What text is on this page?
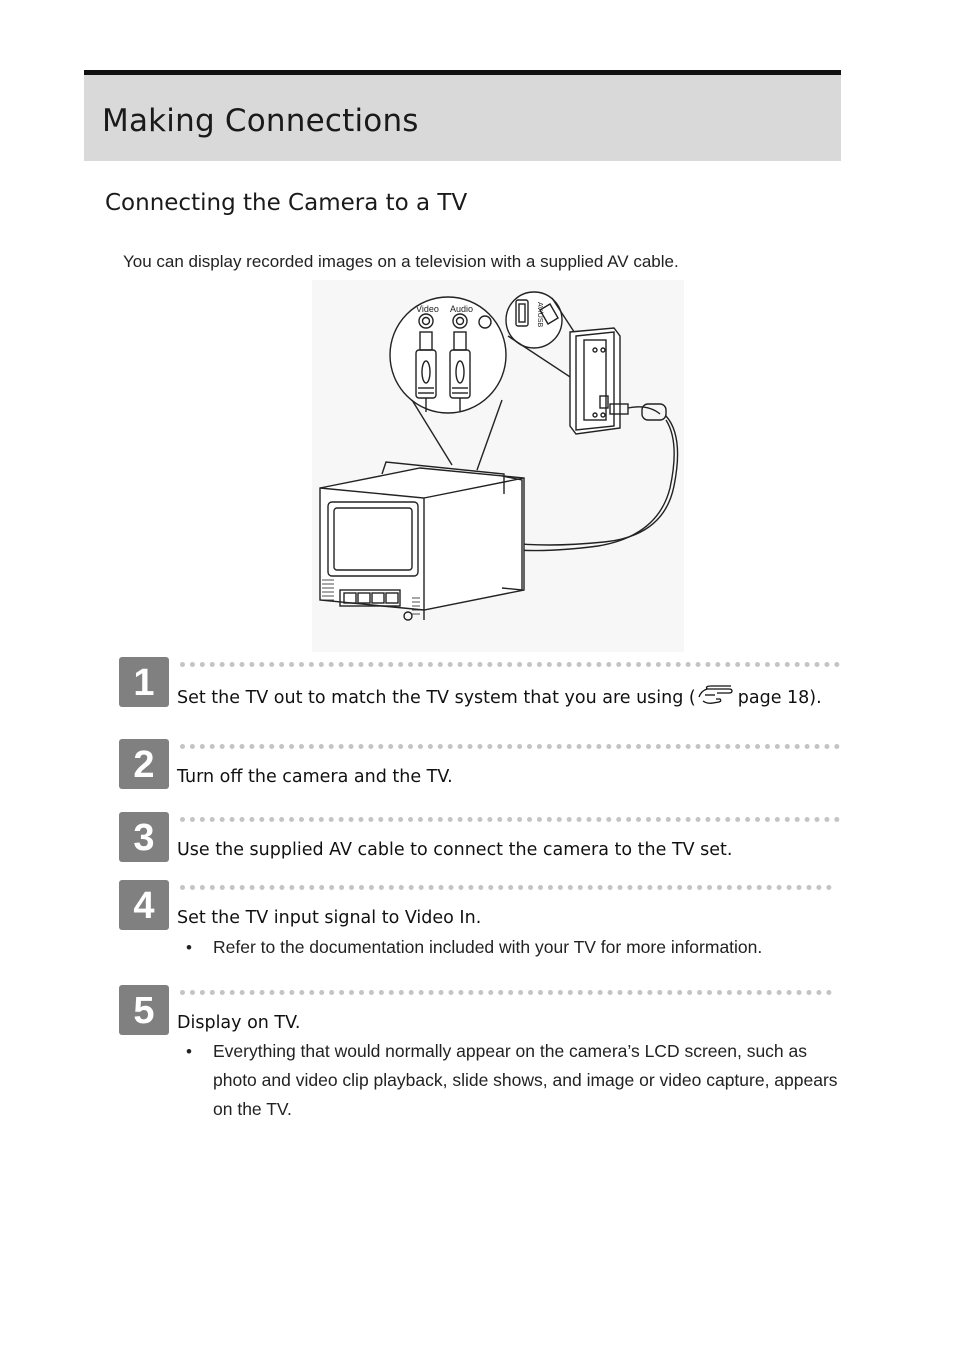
Making Connections
Connecting the Camera to a TV
You can display recorded images on a television with a supplied AV cable.
Video Audio	AV/USB
1	Set the TV out to match the TV system that you are using ( page 18).
2	Turn off the camera and the TV.
3	Use the supplied AV cable to connect the camera to the TV set.
4	Set the TV input signal to Video In.
• Refer to the documentation included with your TV for more information.
5	Display on TV.
• Everything that would normally appear on the camera’s LCD screen, such as photo and video clip playback, slide shows, and image or video capture, appears on the TV.
